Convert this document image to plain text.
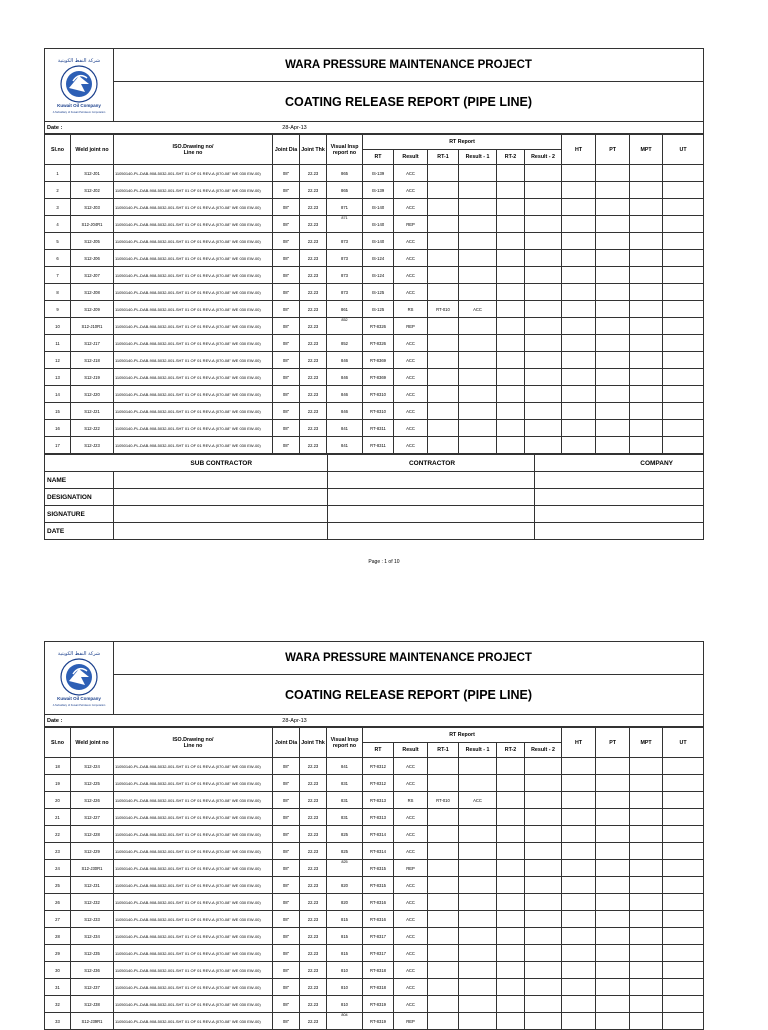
شركة النفط الكويتية
Kuwait Oil Company
A Subsidiary of Kuwait Petroleum Corporation
	WARA PRESSURE MAINTENANCE PROJECT
COATING RELEASE REPORT (PIPE LINE)
Date :	28-Apr-13	
Sl.no	Weld joint no	ISO.Drawing no/
Line no	Joint Dia	Joint Thk	Visual Insp
report no	RT Report						HT	PT	MPT	UT
						RT	Result	RT-1	Result - 1	RT-2	Result - 2				
1	S12-J01	11050140-PL-DAB-908-5032-001-SHT 01 OF 01 REV-A (070-08" WE 030 EW-00)	08"	22.23	865	IS-139	ACC								
2	S12-J02	11050140-PL-DAB-908-5032-001-SHT 01 OF 01 REV-A (070-08" WE 030 EW-00)	08"	22.23	865	IS-139	ACC								
3	S12-J03	11050140-PL-DAB-908-5032-001-SHT 01 OF 01 REV-A (070-08" WE 030 EW-00)	08"	22.23	871	IS-140	ACC								
4	S12-J04R1	11050140-PL-DAB-908-5032-001-SHT 01 OF 01 REV-A (070-08" WE 030 EW-00)	08"	22.23	871	IS-140	REP								
5	S12-J05	11050140-PL-DAB-908-5032-001-SHT 01 OF 01 REV-A (070-08" WE 030 EW-00)	08"	22.23	873	IS-140	ACC								
6	S12-J06	11050140-PL-DAB-908-5032-001-SHT 01 OF 01 REV-A (070-08" WE 030 EW-00)	08"	22.23	873	IS-124	ACC								
7	S12-J07	11050140-PL-DAB-908-5032-001-SHT 01 OF 01 REV-A (070-08" WE 030 EW-00)	08"	22.23	873	IS-124	ACC								
8	S12-J08	11050140-PL-DAB-908-5032-001-SHT 01 OF 01 REV-A (070-08" WE 030 EW-00)	08"	22.23	873	IS-125	ACC								
9	S12-J09	11050140-PL-DAB-908-5032-001-SHT 01 OF 01 REV-A (070-08" WE 030 EW-00)	08"	22.23	861	IS-125	RS	RT-010	ACC						
10	S12-J10R1	11050140-PL-DAB-908-5032-001-SHT 01 OF 01 REV-A (070-08" WE 030 EW-00)	08"	22.23	852	RT-8326	REP								
11	S12-J17	11050140-PL-DAB-908-5032-001-SHT 01 OF 01 REV-A (070-08" WE 030 EW-00)	08"	22.23	852	RT-8326	ACC								
12	S12-J18	11050140-PL-DAB-908-5032-001-SHT 01 OF 01 REV-A (070-08" WE 030 EW-00)	08"	22.23	846	RT-8369	ACC								
13	S12-J19	11050140-PL-DAB-908-5032-001-SHT 01 OF 01 REV-A (070-08" WE 030 EW-00)	08"	22.23	846	RT-8369	ACC								
14	S12-J20	11050140-PL-DAB-908-5032-001-SHT 01 OF 01 REV-A (070-08" WE 030 EW-00)	08"	22.23	846	RT-8310	ACC								
15	S12-J21	11050140-PL-DAB-908-5032-001-SHT 01 OF 01 REV-A (070-08" WE 030 EW-00)	08"	22.23	846	RT-8310	ACC								
16	S12-J22	11050140-PL-DAB-908-5032-001-SHT 01 OF 01 REV-A (070-08" WE 030 EW-00)	08"	22.23	841	RT-8311	ACC								
17	S12-J23	11050140-PL-DAB-908-5032-001-SHT 01 OF 01 REV-A (070-08" WE 030 EW-00)	08"	22.23	841	RT-8311	ACC								
	SUB CONTRACTOR	CONTRACTOR	COMPANY
NAME			
DESIGNATION			
SIGNATURE			
DATE			
Page : 1 of 10
شركة النفط الكويتية
Kuwait Oil Company
A Subsidiary of Kuwait Petroleum Corporation
	WARA PRESSURE MAINTENANCE PROJECT
COATING RELEASE REPORT (PIPE LINE)
Date :	28-Apr-13	
Sl.no	Weld joint no	ISO.Drawing no/
Line no	Joint Dia	Joint Thk	Visual Insp
report no	RT Report						HT	PT	MPT	UT
						RT	Result	RT-1	Result - 1	RT-2	Result - 2				
18	S12-J24	11050140-PL-DAB-908-5032-001-SHT 01 OF 01 REV-A (070-08" WE 030 EW-00)	08"	22.23	841	RT-8312	ACC								
19	S12-J25	11050140-PL-DAB-908-5032-001-SHT 01 OF 01 REV-A (070-08" WE 030 EW-00)	08"	22.23	831	RT-8312	ACC								
20	S12-J26	11050140-PL-DAB-908-5032-001-SHT 01 OF 01 REV-A (070-08" WE 030 EW-00)	08"	22.23	831	RT-8313	RS	RT-010	ACC						
21	S12-J27	11050140-PL-DAB-908-5032-001-SHT 01 OF 01 REV-A (070-08" WE 030 EW-00)	08"	22.23	831	RT-8313	ACC								
22	S12-J28	11050140-PL-DAB-908-5032-001-SHT 01 OF 01 REV-A (070-08" WE 030 EW-00)	08"	22.23	825	RT-8314	ACC								
23	S12-J29	11050140-PL-DAB-908-5032-001-SHT 01 OF 01 REV-A (070-08" WE 030 EW-00)	08"	22.23	825	RT-8314	ACC								
24	S12-J30R1	11050140-PL-DAB-908-5032-001-SHT 01 OF 01 REV-A (070-08" WE 030 EW-00)	08"	22.23	825	RT-8315	REP								
25	S12-J31	11050140-PL-DAB-908-5032-001-SHT 01 OF 01 REV-A (070-08" WE 030 EW-00)	08"	22.23	820	RT-8315	ACC								
26	S12-J32	11050140-PL-DAB-908-5032-001-SHT 01 OF 01 REV-A (070-08" WE 030 EW-00)	08"	22.23	820	RT-8316	ACC								
27	S12-J33	11050140-PL-DAB-908-5032-001-SHT 01 OF 01 REV-A (070-08" WE 030 EW-00)	08"	22.23	815	RT-8316	ACC								
28	S12-J34	11050140-PL-DAB-908-5032-001-SHT 01 OF 01 REV-A (070-08" WE 030 EW-00)	08"	22.23	815	RT-8317	ACC								
29	S12-J35	11050140-PL-DAB-908-5032-001-SHT 01 OF 01 REV-A (070-08" WE 030 EW-00)	08"	22.23	815	RT-8317	ACC								
30	S12-J36	11050140-PL-DAB-908-5032-001-SHT 01 OF 01 REV-A (070-08" WE 030 EW-00)	08"	22.23	810	RT-8318	ACC								
31	S12-J37	11050140-PL-DAB-908-5032-001-SHT 01 OF 01 REV-A (070-08" WE 030 EW-00)	08"	22.23	810	RT-8318	ACC								
32	S12-J38	11050140-PL-DAB-908-5032-001-SHT 01 OF 01 REV-A (070-08" WE 030 EW-00)	08"	22.23	810	RT-8319	ACC								
33	S12-J39R1	11050140-PL-DAB-908-5032-001-SHT 01 OF 01 REV-A (070-08" WE 030 EW-00)	08"	22.23	804	RT-8319	REP								
